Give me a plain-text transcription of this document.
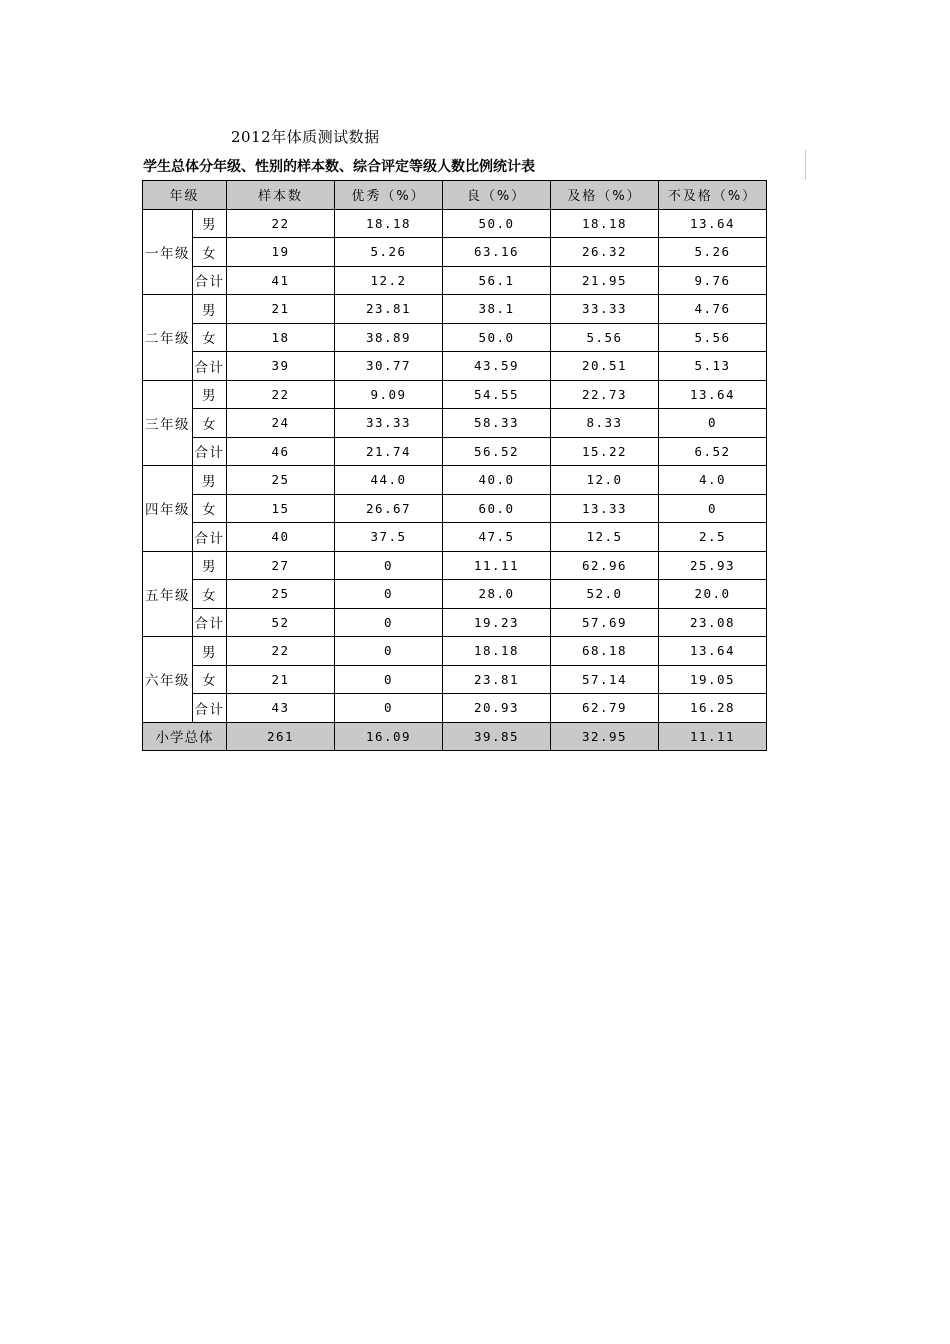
2012年体质测试数据
学生总体分年级、性别的样本数、综合评定等级人数比例统计表
年级		样本数	优秀（%）	良（%）	及格（%）	不及格（%）
一年级	男	22	18.18	50.0	18.18	13.64
	女	19	5.26	63.16	26.32	5.26
	合计	41	12.2	56.1	21.95	9.76
二年级	男	21	23.81	38.1	33.33	4.76
	女	18	38.89	50.0	5.56	5.56
	合计	39	30.77	43.59	20.51	5.13
三年级	男	22	9.09	54.55	22.73	13.64
	女	24	33.33	58.33	8.33	0
	合计	46	21.74	56.52	15.22	6.52
四年级	男	25	44.0	40.0	12.0	4.0
	女	15	26.67	60.0	13.33	0
	合计	40	37.5	47.5	12.5	2.5
五年级	男	27	0	11.11	62.96	25.93
	女	25	0	28.0	52.0	20.0
	合计	52	0	19.23	57.69	23.08
六年级	男	22	0	18.18	68.18	13.64
	女	21	0	23.81	57.14	19.05
	合计	43	0	20.93	62.79	16.28
小学总体		261	16.09	39.85	32.95	11.11
